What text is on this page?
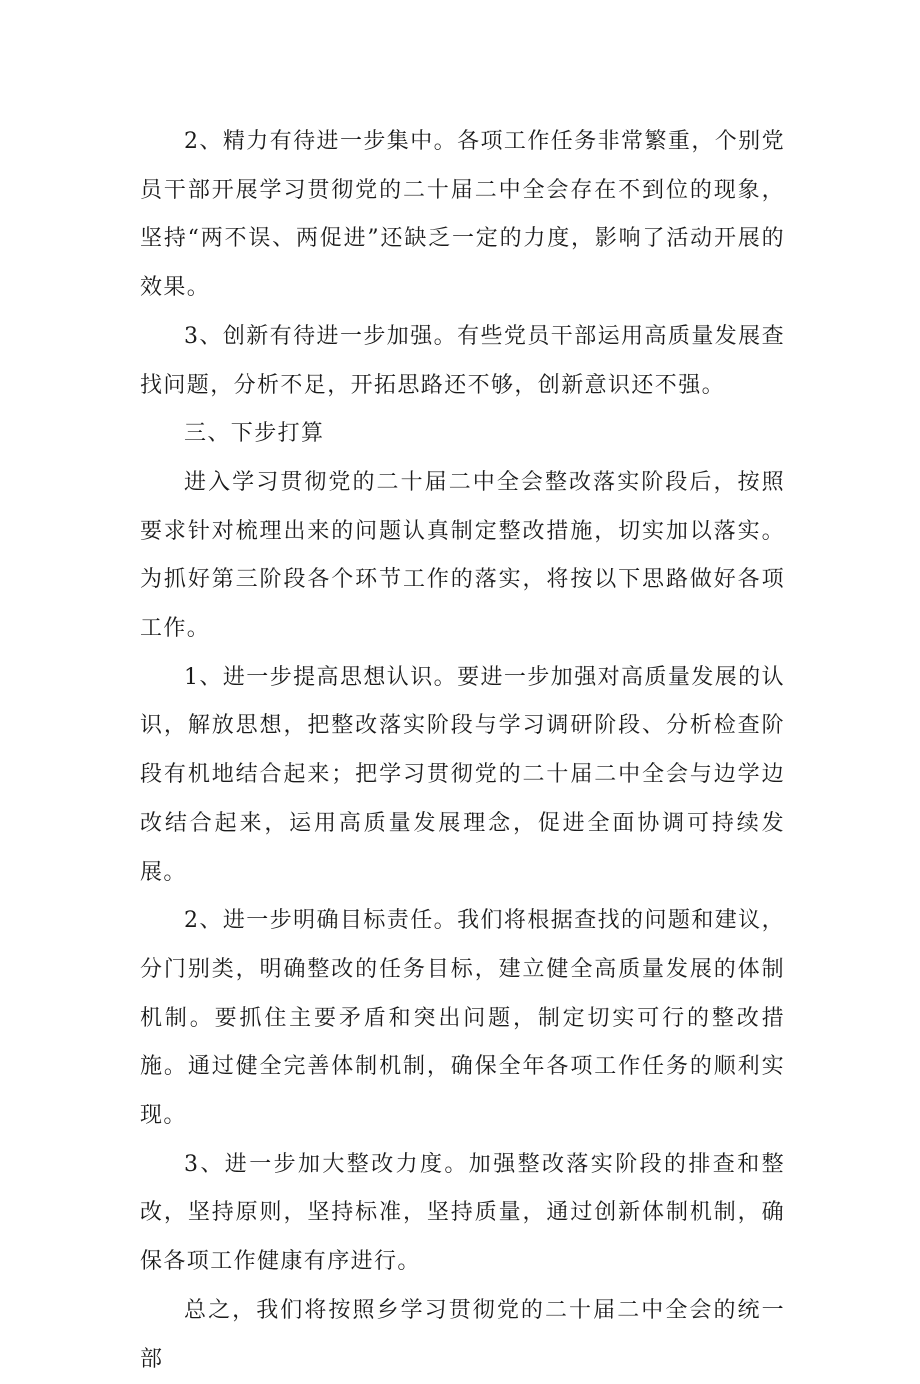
2、精力有待进一步集中。各项工作任务非常繁重，个别党员干部开展学习贯彻党的二十届二中全会存在不到位的现象，坚持“两不误、两促进”还缺乏一定的力度，影响了活动开展的效果。

3、创新有待进一步加强。有些党员干部运用高质量发展查找问题，分析不足，开拓思路还不够，创新意识还不强。

三、下步打算

进入学习贯彻党的二十届二中全会整改落实阶段后，按照要求针对梳理出来的问题认真制定整改措施，切实加以落实。为抓好第三阶段各个环节工作的落实，将按以下思路做好各项工作。

1、进一步提高思想认识。要进一步加强对高质量发展的认识，解放思想，把整改落实阶段与学习调研阶段、分析检查阶段有机地结合起来；把学习贯彻党的二十届二中全会与边学边改结合起来，运用高质量发展理念，促进全面协调可持续发展。

2、进一步明确目标责任。我们将根据查找的问题和建议，分门别类，明确整改的任务目标，建立健全高质量发展的体制机制。要抓住主要矛盾和突出问题，制定切实可行的整改措施。通过健全完善体制机制，确保全年各项工作任务的顺利实现。

3、进一步加大整改力度。加强整改落实阶段的排查和整改，坚持原则，坚持标准，坚持质量，通过创新体制机制，确保各项工作健康有序进行。

总之，我们将按照乡学习贯彻党的二十届二中全会的统一部
